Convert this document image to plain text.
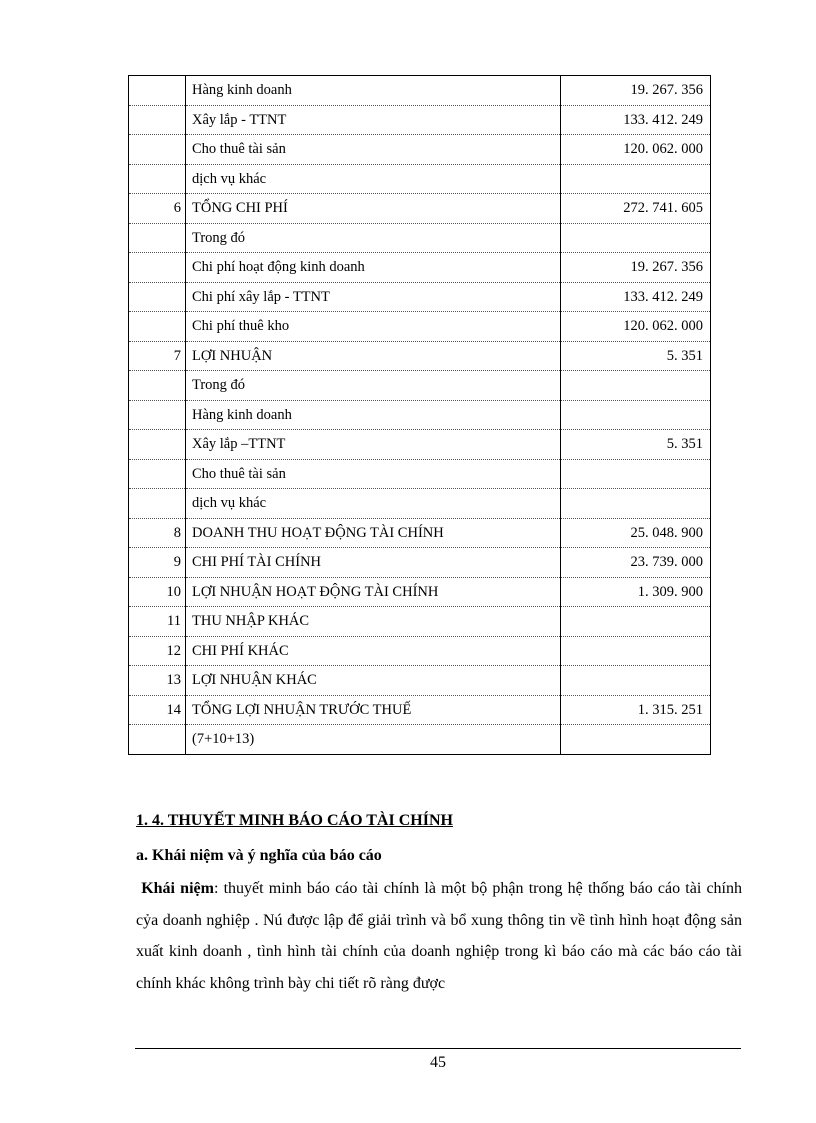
	Hàng kinh doanh	19. 267. 356
	Xây lắp - TTNT	133. 412. 249
	Cho thuê tài sản	120. 062. 000
	dịch vụ khác	
6	TỔNG CHI PHÍ	272. 741. 605
	Trong đó	
	Chi phí hoạt động kinh doanh	19. 267. 356
	Chi phí xây lắp - TTNT	133. 412. 249
	Chi phí thuê kho	120. 062. 000
7	LỢI NHUẬN	5. 351
	Trong đó	
	Hàng kinh doanh	
	Xây lắp –TTNT	5. 351
	Cho thuê tài sản	
	dịch vụ khác	
8	DOANH THU HOẠT ĐỘNG TÀI CHÍNH	25. 048. 900
9	CHI PHÍ TÀI CHÍNH	23. 739. 000
10	LỢI NHUẬN HOẠT ĐỘNG TÀI CHÍNH	1. 309. 900
11	THU NHẬP KHÁC	
12	CHI PHÍ KHÁC	
13	LỢI NHUẬN KHÁC	
14	TỔNG LỢI NHUẬN TRƯỚC THUẾ	1. 315. 251
	(7+10+13)	
1. 4. THUYẾT MINH BÁO CÁO TÀI CHÍNH
a. Khái niệm và ý nghĩa của báo cáo
Khái niệm: thuyết minh báo cáo tài chính là một bộ phận trong hệ thống báo cáo tài chính cỷa doanh nghiệp . Nú được lập để giải trình và bổ xung thông tin về tình hình hoạt động sản xuất kinh doanh , tình hình tài chính của doanh nghiệp trong kì báo cáo mà các báo cáo tài chính khác không trình bày chi tiết rõ ràng được
45
